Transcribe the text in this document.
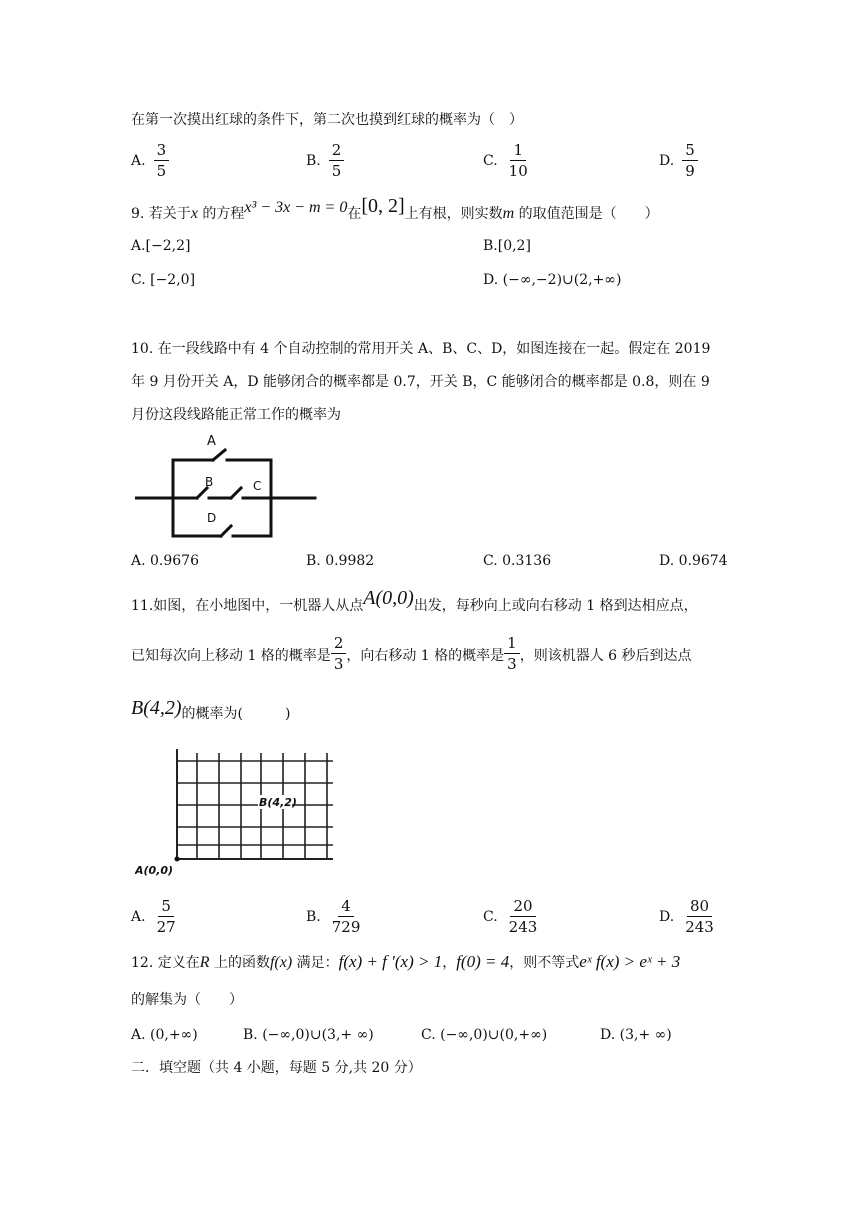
在第一次摸出红球的条件下，第二次也摸到红球的概率为（　）
A. $\frac{3}{5}$	B. $\frac{2}{5}$	C. $\frac{1}{10}$	D. $\frac{5}{9}$
9. 若关于x 的方程x³ − 3x − m = 0在[0, 2]上有根，则实数m 的取值范围是（　　）
A.[−2,2]	B.[0,2]
C. [−2,0]	D. (−∞,−2)∪(2,+∞)
10. 在一段线路中有 4 个自动控制的常用开关 A、B、C、D，如图连接在一起。假定在 2019
年 9 月份开关 A，D 能够闭合的概率都是 0.7，开关 B，C 能够闭合的概率都是 0.8，则在 9
月份这段线路能正常工作的概率为
A
B	C
D
A. 0.9676	B. 0.9982	C. 0.3136	D. 0.9674
11.如图，在小地图中，一机器人从点A(0,0)出发，每秒向上或向右移动 1 格到达相应点，
已知每次向上移动 1 格的概率是 $\frac{2}{3}$ ，向右移动 1 格的概率是 $\frac{1}{3}$ ，则该机器人 6 秒后到达点
B(4,2)的概率为(　　　)
B(4,2)
A(0,0)
A. $\frac{5}{27}$	B. $\frac{4}{729}$	C. $\frac{20}{243}$	D. $\frac{80}{243}$
12. 定义在R 上的函数f(x) 满足：f(x) + f ′(x) > 1，f(0) = 4，则不等式eˣ f(x) > eˣ + 3
的解集为（　　）
A. (0,+∞)	B. (−∞,0)∪(3,+ ∞)	C. (−∞,0)∪(0,+∞)	D. (3,+ ∞)
二．填空题（共 4 小题，每题 5 分,共 20 分）
